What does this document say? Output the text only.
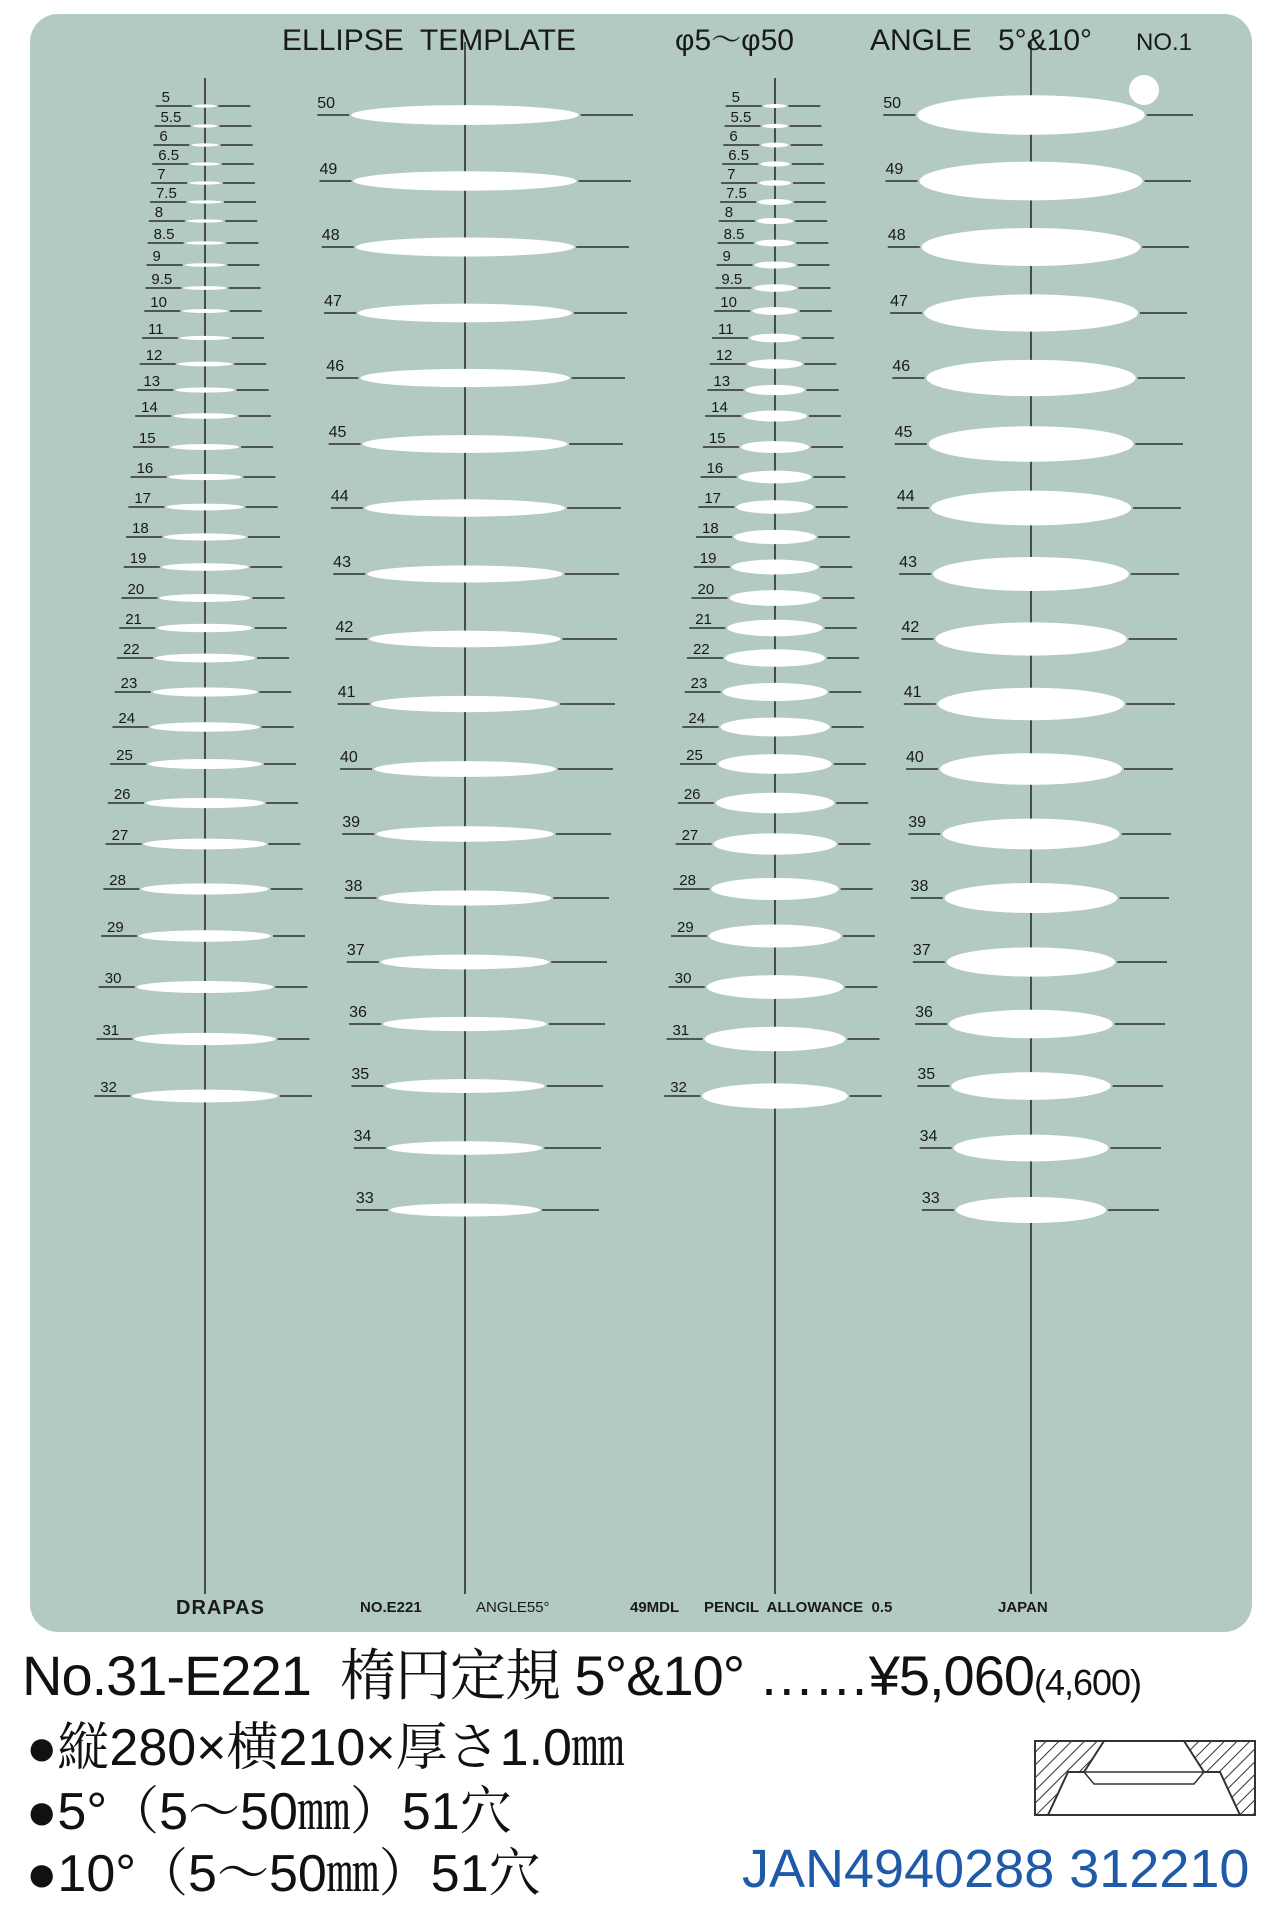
5
5.5
6
6.5
7
7.5
8
8.5
9
9.5
10
11
12
13
14
15
16
17
18
19
20
21
22
23
24
25
26
27
28
29
30
31
32
50
49
48
47
46
45
44
43
42
41
40
39
38
37
36
35
34
33
5
5.5
6
6.5
7
7.5
8
8.5
9
9.5
10
11
12
13
14
15
16
17
18
19
20
21
22
23
24
25
26
27
28
29
30
31
32
50
49
48
47
46
45
44
43
42
41
40
39
38
37
36
35
34
33
ELLIPSE  TEMPLATE	φ5～φ50	ANGLE 5°&10° NO.1
DRAPAS	NO.E221	ANGLE55°	49MDL PENCIL  ALLOWANCE  0.5	JAPAN
No.31-E221 楕円定規 5°&10° ……¥5,060(4,600)
●縦280×横210×厚さ1.0㎜
●5°（5～50㎜）51穴
●10°（5～50㎜）51穴	JAN4940288 312210
